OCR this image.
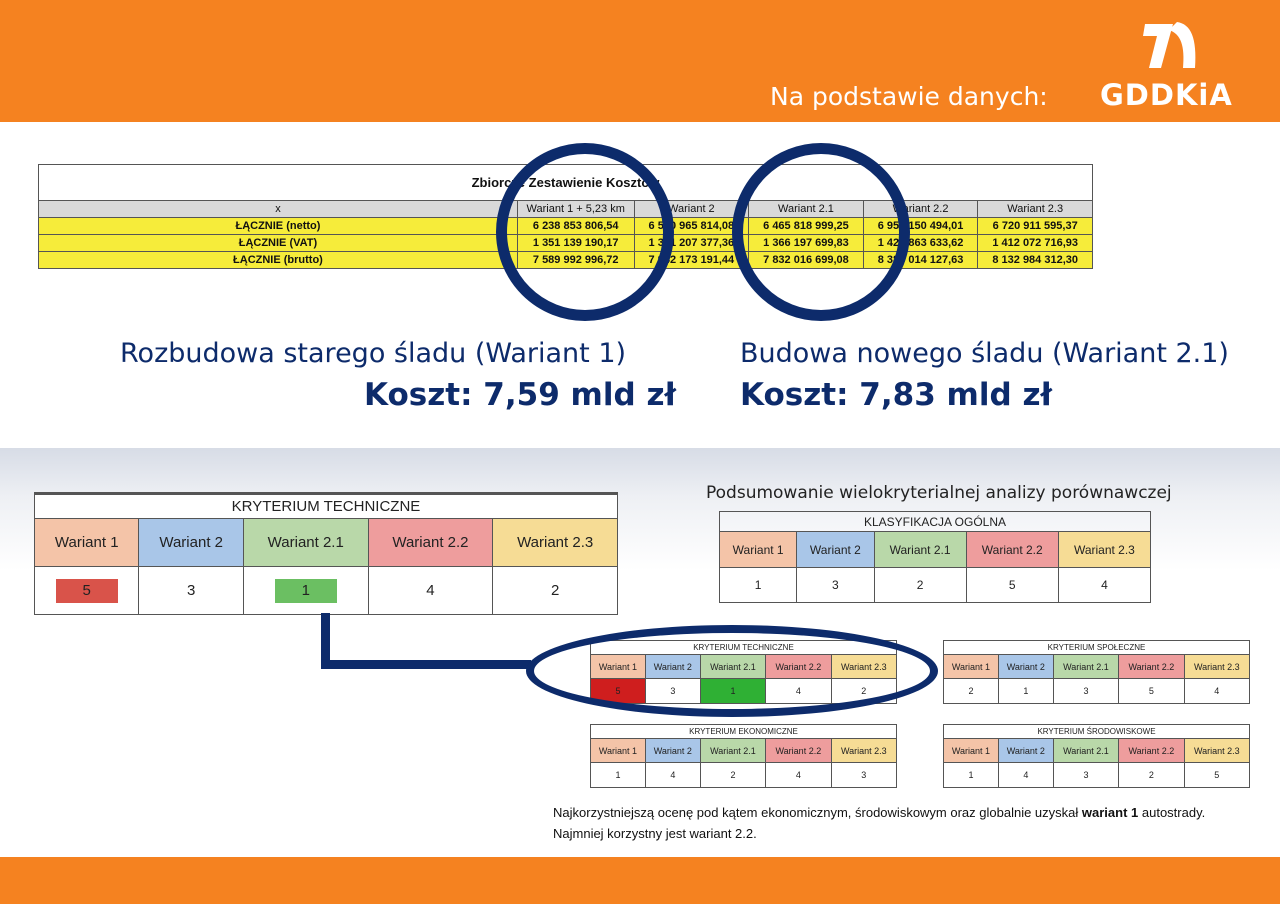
Na podstawie danych: GDDKiA
Zbiorcze Zestawienie Kosztów					
x	Wariant 1 + 5,23 km	Wariant 2	Wariant 2.1	Wariant 2.2	Wariant 2.3
ŁĄCZNIE (netto)	6 238 853 806,54	6 570 965 814,08	6 465 818 999,25	6 958 150 494,01	6 720 911 595,37
ŁĄCZNIE (VAT)	1 351 139 190,17	1 371 207 377,36	1 366 197 699,83	1 429 863 633,62	1 412 072 716,93
ŁĄCZNIE (brutto)	7 589 992 996,72	7 942 173 191,44	7 832 016 699,08	8 388 014 127,63	8 132 984 312,30
Rozbudowa starego śladu (Wariant 1)
Koszt: 7,59 mld zł
Budowa nowego śladu (Wariant 2.1)
Koszt: 7,83 mld zł
KRYTERIUM TECHNICZNE				
Wariant 1	Wariant 2	Wariant 2.1	Wariant 2.2	Wariant 2.3
5	3	1	4	2
Podsumowanie wielokryterialnej analizy porównawczej
KLASYFIKACJA OGÓLNA				
Wariant 1	Wariant 2	Wariant 2.1	Wariant 2.2	Wariant 2.3
1	3	2	5	4
KRYTERIUM TECHNICZNE				
Wariant 1	Wariant 2	Wariant 2.1	Wariant 2.2	Wariant 2.3
5	3	1	4	2
KRYTERIUM SPOŁECZNE				
Wariant 1	Wariant 2	Wariant 2.1	Wariant 2.2	Wariant 2.3
2	1	3	5	4
KRYTERIUM EKONOMICZNE				
Wariant 1	Wariant 2	Wariant 2.1	Wariant 2.2	Wariant 2.3
1	4	2	4	3
KRYTERIUM ŚRODOWISKOWE				
Wariant 1	Wariant 2	Wariant 2.1	Wariant 2.2	Wariant 2.3
1	4	3	2	5
Najkorzystniejszą ocenę pod kątem ekonomicznym, środowiskowym oraz globalnie uzyskał wariant 1 autostrady.
Najmniej korzystny jest wariant 2.2.
